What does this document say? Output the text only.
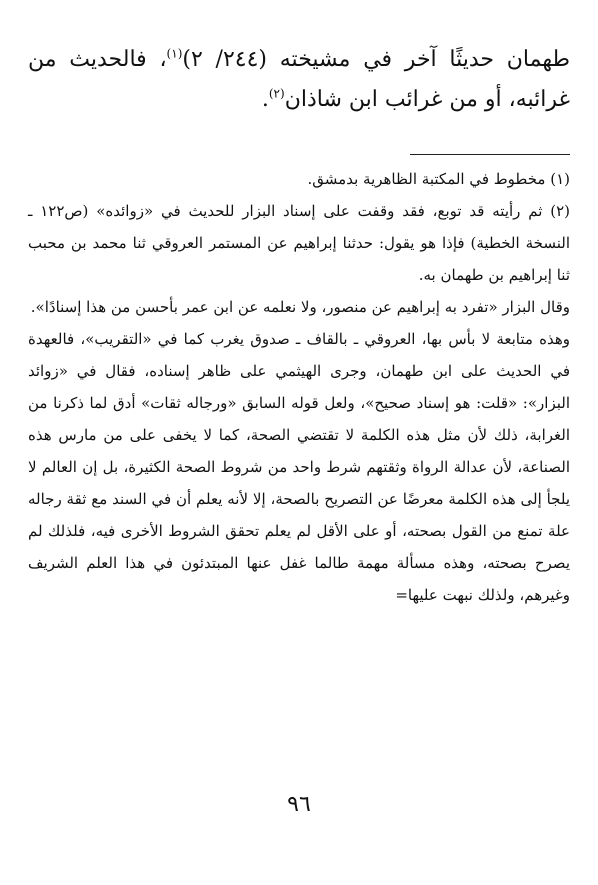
طهمان حديثًا آخر في مشيخته (٢٤٤/ ٢)$^{(١)}$، فالحديث من غرائبه، أو من غرائب ابن شاذان$^{(٢)}$.

(١) مخطوط في المكتبة الظاهرية بدمشق.

(٢) ثم رأيته قد توبع، فقد وقفت على إسناد البزار للحديث في «زوائده» (ص١٢٢ ـ النسخة الخطية) فإذا هو يقول: حدثنا إبراهيم عن المستمر العروقي ثنا محمد بن محبب ثنا إبراهيم بن طهمان به.

وقال البزار «تفرد به إبراهيم عن منصور، ولا نعلمه عن ابن عمر بأحسن من هذا إسنادًا».

وهذه متابعة لا بأس بها، العروقي ـ بالقاف ـ صدوق يغرب كما في «التقريب»، فالعهدة في الحديث على ابن طهمان، وجرى الهيثمي على ظاهر إسناده، فقال في «زوائد البزار»: «قلت: هو إسناد صحيح»، ولعل قوله السابق «ورجاله ثقات» أدق لما ذكرنا من الغرابة، ذلك لأن مثل هذه الكلمة لا تقتضي الصحة، كما لا يخفى على من مارس هذه الصناعة، لأن عدالة الرواة وثقتهم شرط واحد من شروط الصحة الكثيرة، بل إن العالم لا يلجأ إلى هذه الكلمة معرضًا عن التصريح بالصحة، إلا لأنه يعلم أن في السند مع ثقة رجاله علة تمنع من القول بصحته، أو على الأقل لم يعلم تحقق الشروط الأخرى فيه، فلذلك لم يصرح بصحته، وهذه مسألة مهمة طالما غفل عنها المبتدئون في هذا العلم الشريف وغيرهم، ولذلك نبهت عليها=

٩٦
